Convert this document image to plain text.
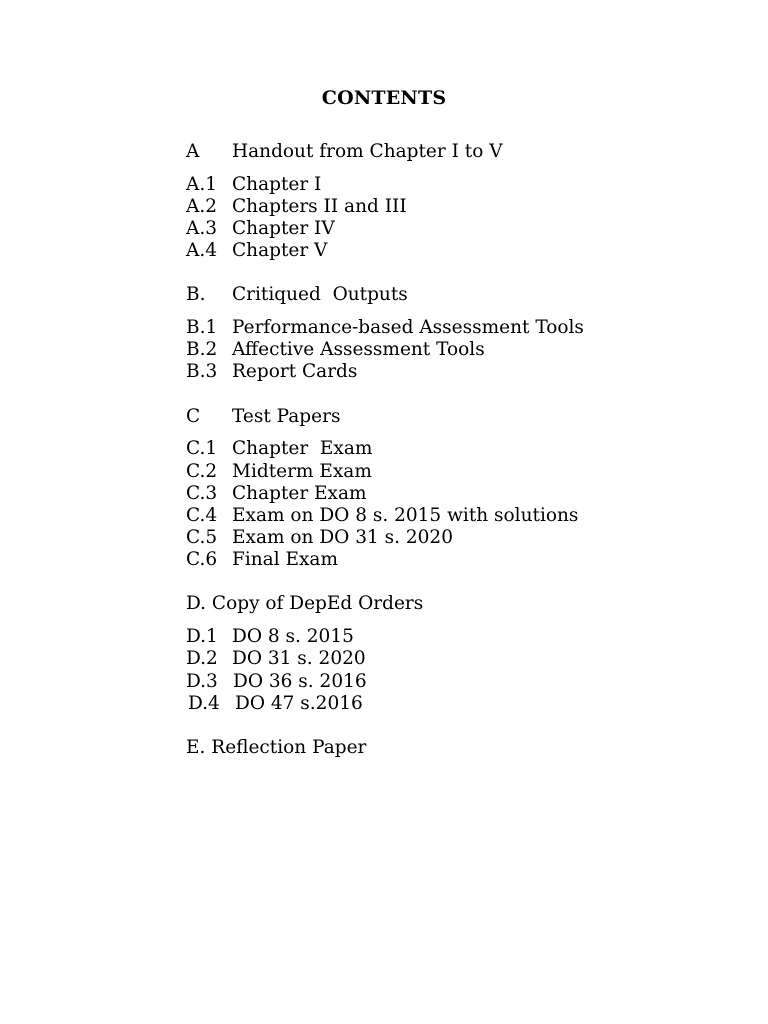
CONTENTS

A

Handout from Chapter I to V

A.1

Chapter I

A.2

Chapters II and III

A.3

Chapter IV

A.4

Chapter V

B.

Critiqued  Outputs

B.1

Performance-based Assessment Tools

B.2

Affective Assessment Tools

B.3

Report Cards

C

Test Papers

C.1

Chapter  Exam

C.2

Midterm Exam

C.3

Chapter Exam

C.4

Exam on DO 8 s. 2015 with solutions

C.5

Exam on DO 31 s. 2020

C.6

Final Exam

D. Copy of DepEd Orders

D.1

DO 8 s. 2015

D.2

DO 31 s. 2020

D.3

DO 36 s. 2016

D.4

DO 47 s.2016

E. Reflection Paper
